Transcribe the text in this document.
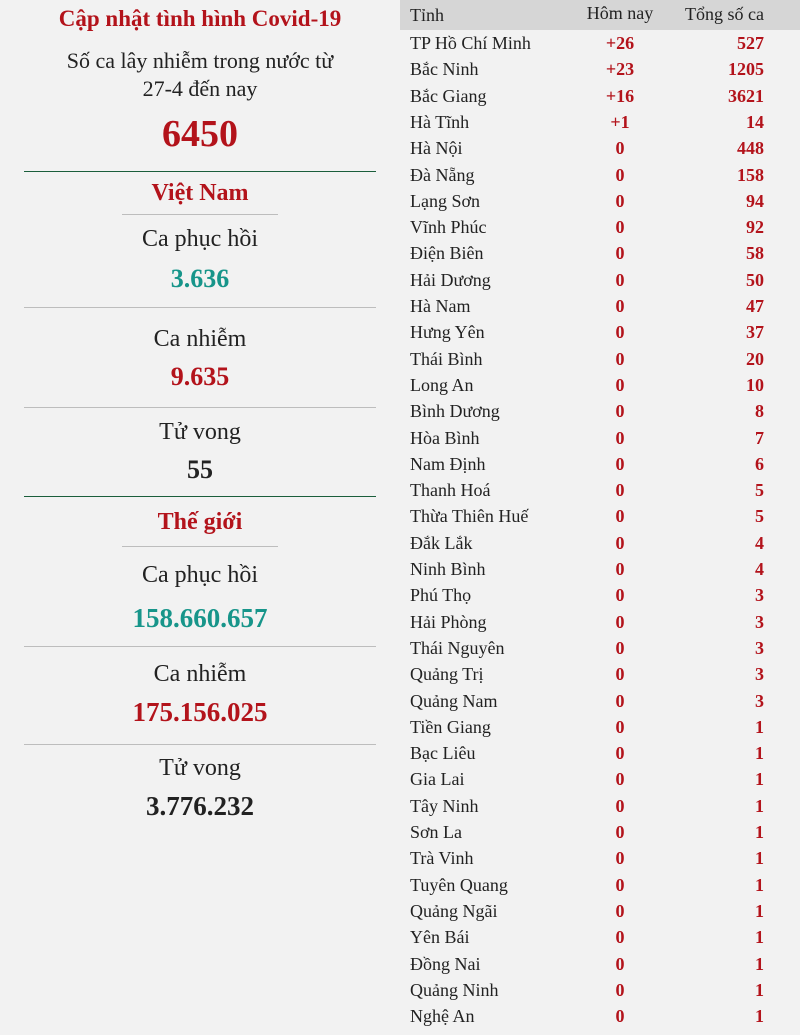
Cập nhật tình hình Covid-19
Số ca lây nhiễm trong nước từ
27-4 đến nay
6450
Việt Nam
Ca phục hồi
3.636
Ca nhiễm
9.635
Tử vong
55
Thế giới
Ca phục hồi
158.660.657
Ca nhiễm
175.156.025
Tử vong
3.776.232
Tỉnh	Hôm nay	Tổng số ca
TP Hồ Chí Minh	+26	527
Bắc Ninh	+23	1205
Bắc Giang	+16	3621
Hà Tĩnh	+1	14
Hà Nội	0	448
Đà Nẵng	0	158
Lạng Sơn	0	94
Vĩnh Phúc	0	92
Điện Biên	0	58
Hải Dương	0	50
Hà Nam	0	47
Hưng Yên	0	37
Thái Bình	0	20
Long An	0	10
Bình Dương	0	8
Hòa Bình	0	7
Nam Định	0	6
Thanh Hoá	0	5
Thừa Thiên Huế	0	5
Đắk Lắk	0	4
Ninh Bình	0	4
Phú Thọ	0	3
Hải Phòng	0	3
Thái Nguyên	0	3
Quảng Trị	0	3
Quảng Nam	0	3
Tiền Giang	0	1
Bạc Liêu	0	1
Gia Lai	0	1
Tây Ninh	0	1
Sơn La	0	1
Trà Vinh	0	1
Tuyên Quang	0	1
Quảng Ngãi	0	1
Yên Bái	0	1
Đồng Nai	0	1
Quảng Ninh	0	1
Nghệ An	0	1
